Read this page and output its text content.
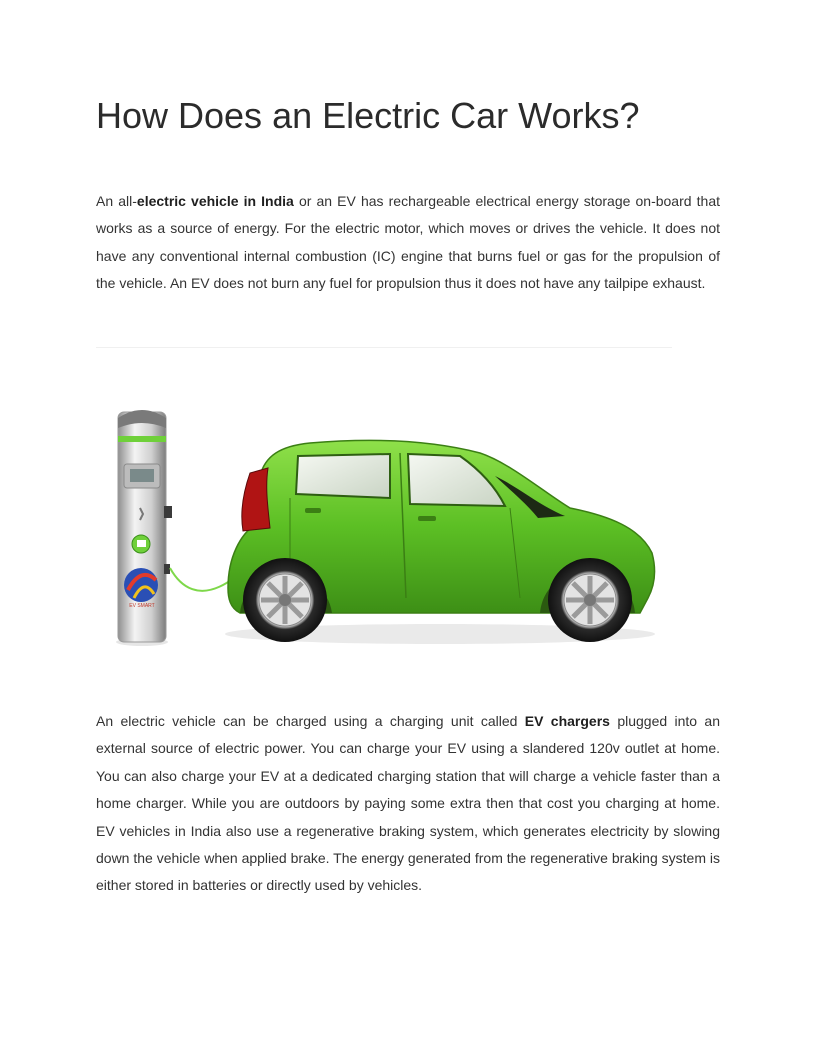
How Does an Electric Car Works?

An all-electric vehicle in India or an EV has rechargeable electrical energy storage on-board that works as a source of energy. For the electric motor, which moves or drives the vehicle. It does not have any conventional internal combustion (IC) engine that burns fuel or gas for the propulsion of the vehicle. An EV does not burn any fuel for propulsion thus it does not have any tailpipe exhaust.

EV SMART

An electric vehicle can be charged using a charging unit called EV chargers plugged into an external source of electric power. You can charge your EV using a slandered 120v outlet at home. You can also charge your EV at a dedicated charging station that will charge a vehicle faster than a home charger. While you are outdoors by paying some extra then that cost you charging at home. EV vehicles in India also use a regenerative braking system, which generates electricity by slowing down the vehicle when applied brake. The energy generated from the regenerative braking system is either stored in batteries or directly used by vehicles.
